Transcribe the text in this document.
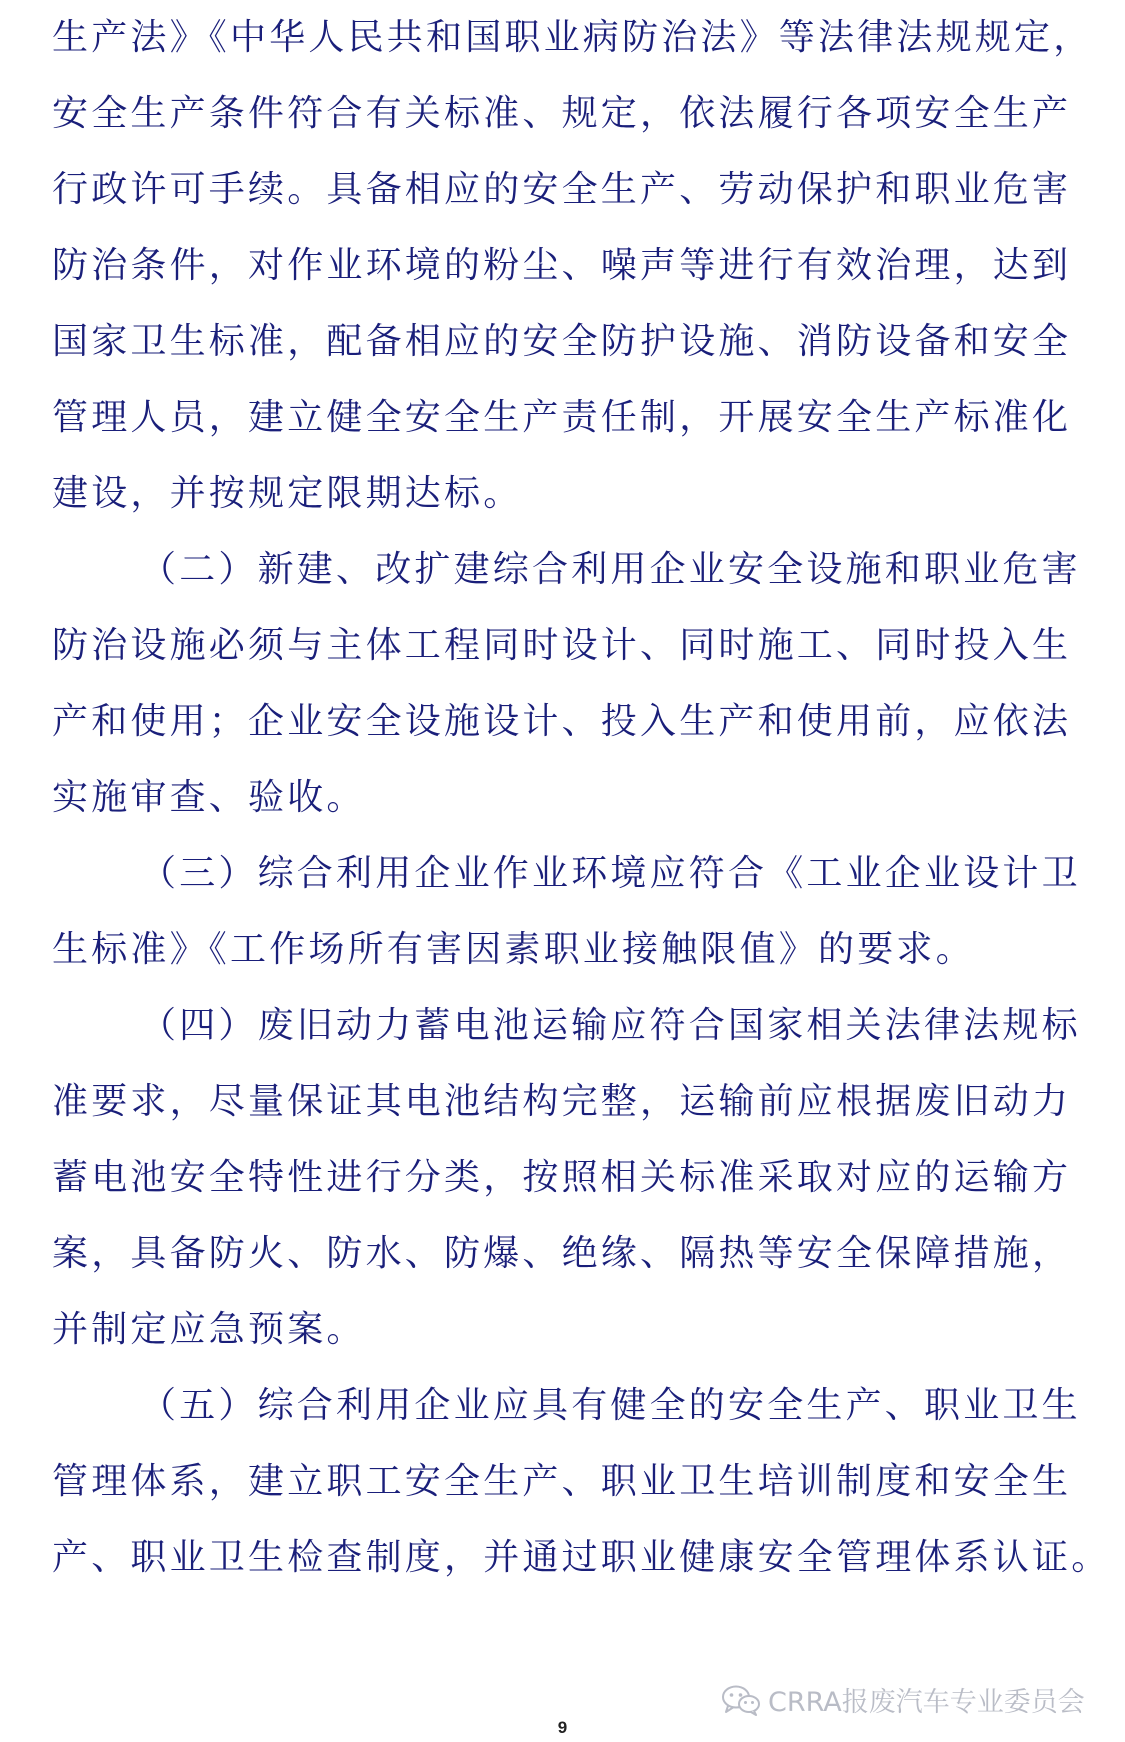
生产法》《中华人民共和国职业病防治法》等法律法规规定，
安全生产条件符合有关标准、规定，依法履行各项安全生产
行政许可手续。具备相应的安全生产、劳动保护和职业危害
防治条件，对作业环境的粉尘、噪声等进行有效治理，达到
国家卫生标准，配备相应的安全防护设施、消防设备和安全
管理人员，建立健全安全生产责任制，开展安全生产标准化
建设，并按规定限期达标。
（二）新建、改扩建综合利用企业安全设施和职业危害
防治设施必须与主体工程同时设计、同时施工、同时投入生
产和使用；企业安全设施设计、投入生产和使用前，应依法
实施审查、验收。
（三）综合利用企业作业环境应符合《工业企业设计卫
生标准》《工作场所有害因素职业接触限值》的要求。
（四）废旧动力蓄电池运输应符合国家相关法律法规标
准要求，尽量保证其电池结构完整，运输前应根据废旧动力
蓄电池安全特性进行分类，按照相关标准采取对应的运输方
案，具备防火、防水、防爆、绝缘、隔热等安全保障措施，
并制定应急预案。
（五）综合利用企业应具有健全的安全生产、职业卫生
管理体系，建立职工安全生产、职业卫生培训制度和安全生
产、职业卫生检查制度，并通过职业健康安全管理体系认证。
CRRA报废汽车专业委员会
9
